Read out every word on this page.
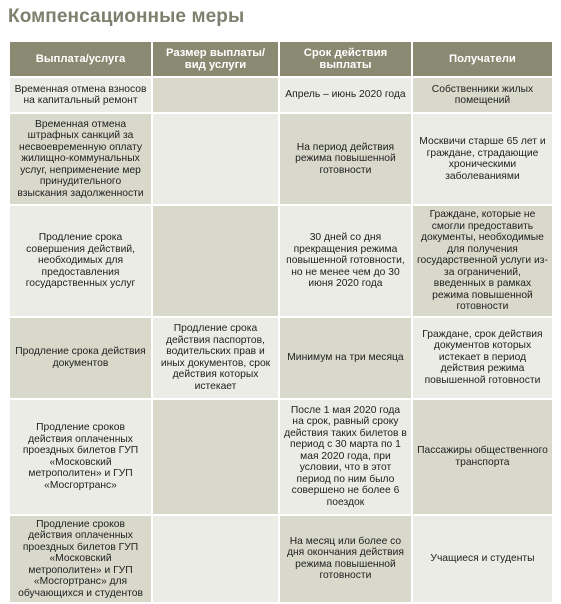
Компенсационные меры
Выплата/услуга	Размер выплаты/ вид услуги	Срок действия выплаты	Получатели
Временная отмена взносов на капитальный ремонт		Апрель – июнь 2020 года	Собственники жилых помещений
Временная отмена штрафных санкций за несвоевременную оплату жилищно-коммунальных услуг, неприменение мер принудительного взыскания задолженности		На период действия режима повышенной готовности	Москвичи старше 65 лет и граждане, страдающие хроническими заболеваниями
Продление срока совершения действий, необходимых для предоставления государственных услуг		30 дней со дня прекращения режима повышенной готовности, но не менее чем до 30 июня 2020 года	Граждане, которые не смогли предоставить документы, необходимые для получения государственной услуги из-за ограничений, введенных в рамках режима повышенной готовности
Продление срока действия документов	Продление срока действия паспортов, водительских прав и иных документов, срок действия которых истекает	Минимум на три месяца	Граждане, срок действия документов которых истекает в период действия режима повышенной готовности
Продление сроков действия оплаченных проездных билетов ГУП «Московский метрополитен» и ГУП «Мосгортранс»		После 1 мая 2020 года на срок, равный сроку действия таких билетов в период с 30 марта по 1 мая 2020 года, при условии, что в этот период по ним было совершено не более 6 поездок	Пассажиры общественного транспорта
Продление сроков действия оплаченных проездных билетов ГУП «Московский метрополитен» и ГУП «Мосгортранс» для обучающихся и студентов		На месяц или более со дня окончания действия режима повышенной готовности	Учащиеся и студенты
